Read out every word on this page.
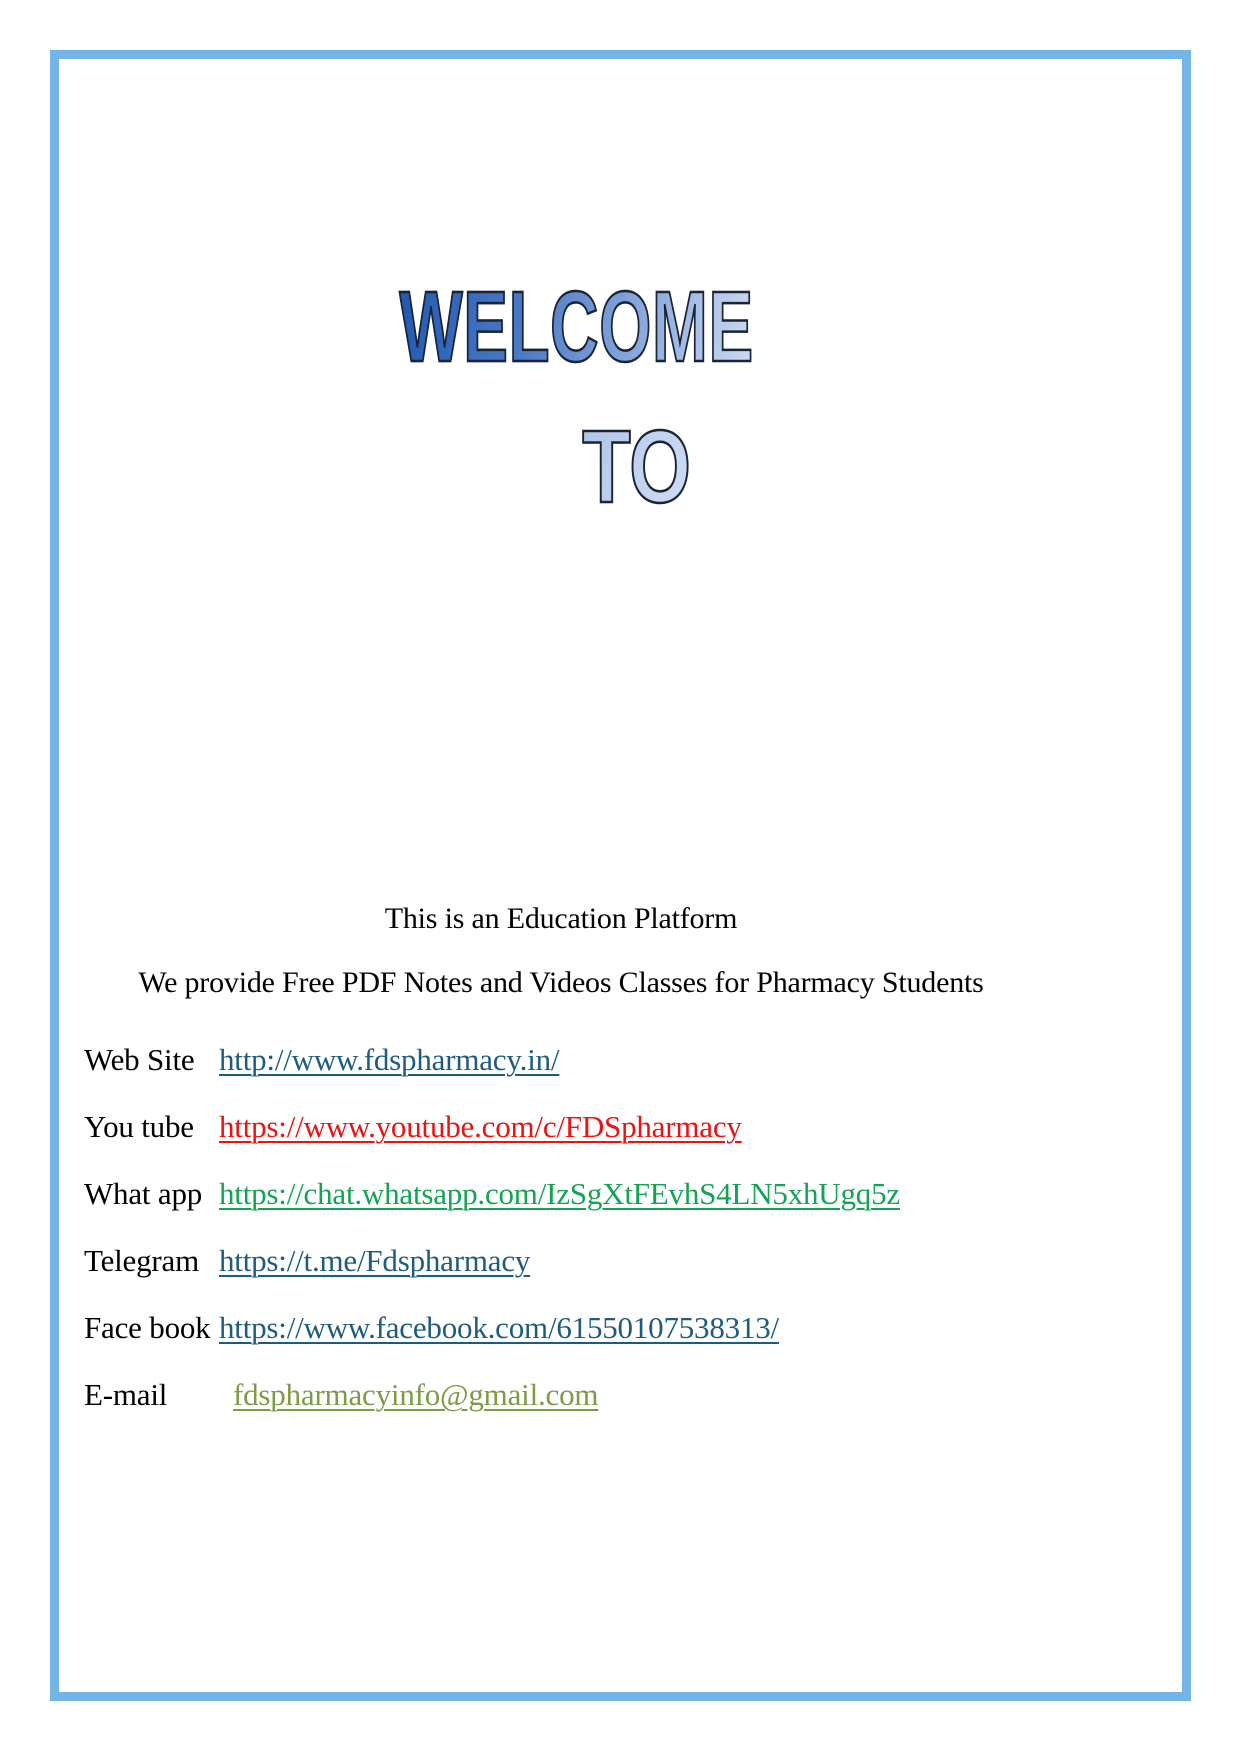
WELCOME
TO

This is an Education Platform

We provide Free PDF Notes and Videos Classes for Pharmacy Students

Web Site http://www.fdspharmacy.in/
You tube https://www.youtube.com/c/FDSpharmacy
What app https://chat.whatsapp.com/IzSgXtFEvhS4LN5xhUgq5z
Telegram https://t.me/Fdspharmacy
Face book https://www.facebook.com/61550107538313/
E-mail	fdspharmacyinfo@gmail.com
